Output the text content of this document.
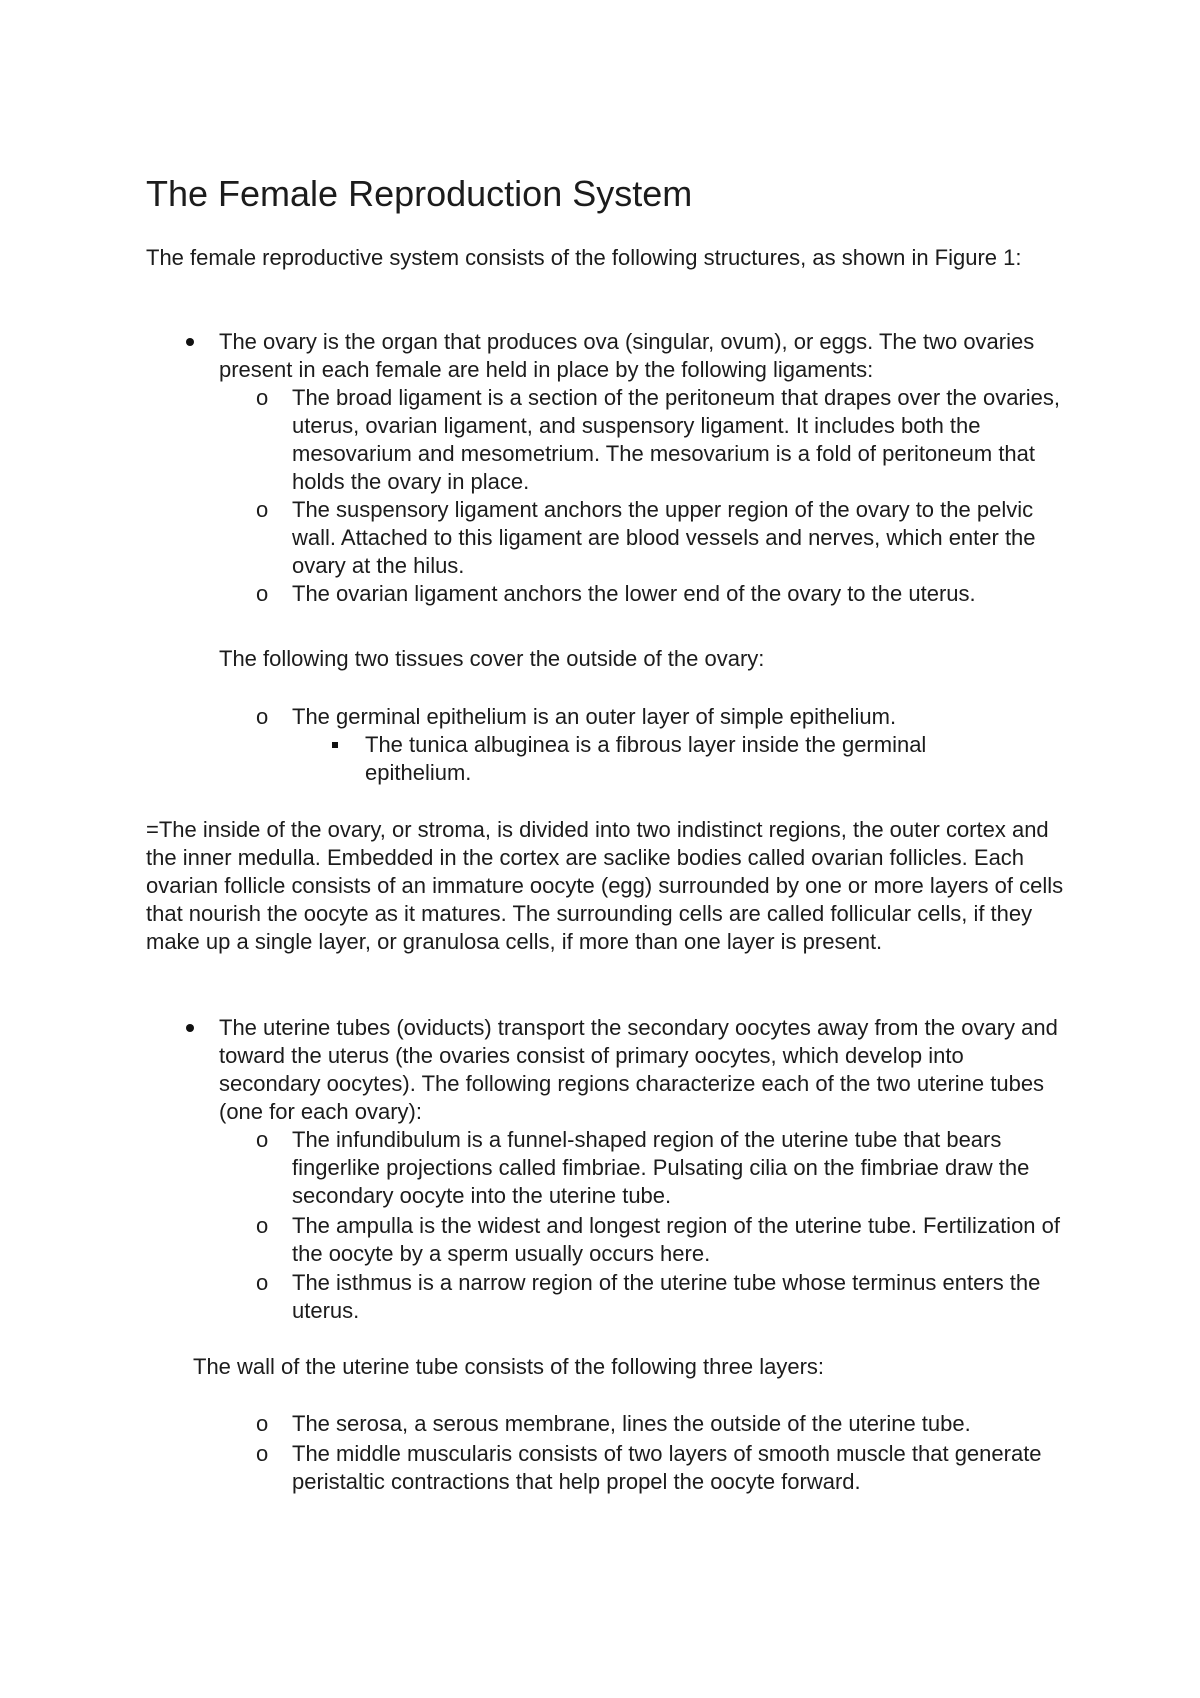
The Female Reproduction System

The female reproductive system consists of the following structures, as shown in Figure 1:

The ovary is the organ that produces ova (singular, ovum), or eggs. The two ovaries present in each female are held in place by the following ligaments:
o The broad ligament is a section of the peritoneum that drapes over the ovaries, uterus, ovarian ligament, and suspensory ligament. It includes both the mesovarium and mesometrium. The mesovarium is a fold of peritoneum that holds the ovary in place.
o The suspensory ligament anchors the upper region of the ovary to the pelvic wall. Attached to this ligament are blood vessels and nerves, which enter the ovary at the hilus.
o The ovarian ligament anchors the lower end of the ovary to the uterus.

The following two tissues cover the outside of the ovary:

o The germinal epithelium is an outer layer of simple epithelium.
The tunica albuginea is a fibrous layer inside the germinal epithelium.

=The inside of the ovary, or stroma, is divided into two indistinct regions, the outer cortex and the inner medulla. Embedded in the cortex are saclike bodies called ovarian follicles. Each ovarian follicle consists of an immature oocyte (egg) surrounded by one or more layers of cells that nourish the oocyte as it matures. The surrounding cells are called follicular cells, if they make up a single layer, or granulosa cells, if more than one layer is present.

The uterine tubes (oviducts) transport the secondary oocytes away from the ovary and toward the uterus (the ovaries consist of primary oocytes, which develop into secondary oocytes). The following regions characterize each of the two uterine tubes (one for each ovary):
o The infundibulum is a funnel-shaped region of the uterine tube that bears fingerlike projections called fimbriae. Pulsating cilia on the fimbriae draw the secondary oocyte into the uterine tube.
o The ampulla is the widest and longest region of the uterine tube. Fertilization of the oocyte by a sperm usually occurs here.
o The isthmus is a narrow region of the uterine tube whose terminus enters the uterus.

The wall of the uterine tube consists of the following three layers:

o The serosa, a serous membrane, lines the outside of the uterine tube.
o The middle muscularis consists of two layers of smooth muscle that generate peristaltic contractions that help propel the oocyte forward.
